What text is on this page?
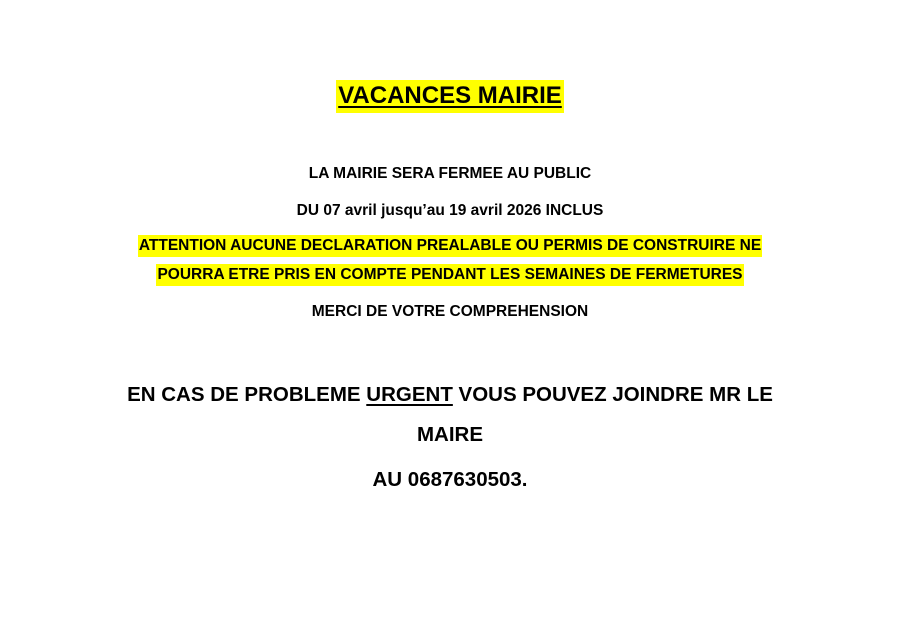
VACANCES MAIRIE
LA MAIRIE SERA FERMEE AU PUBLIC
DU 07 avril jusqu’au 19 avril 2026 INCLUS
ATTENTION AUCUNE DECLARATION PREALABLE OU PERMIS DE CONSTRUIRE NE
POURRA ETRE PRIS EN COMPTE PENDANT LES SEMAINES DE FERMETURES
MERCI DE VOTRE COMPREHENSION
EN CAS DE PROBLEME URGENT VOUS POUVEZ JOINDRE MR LE
MAIRE
AU 0687630503.
